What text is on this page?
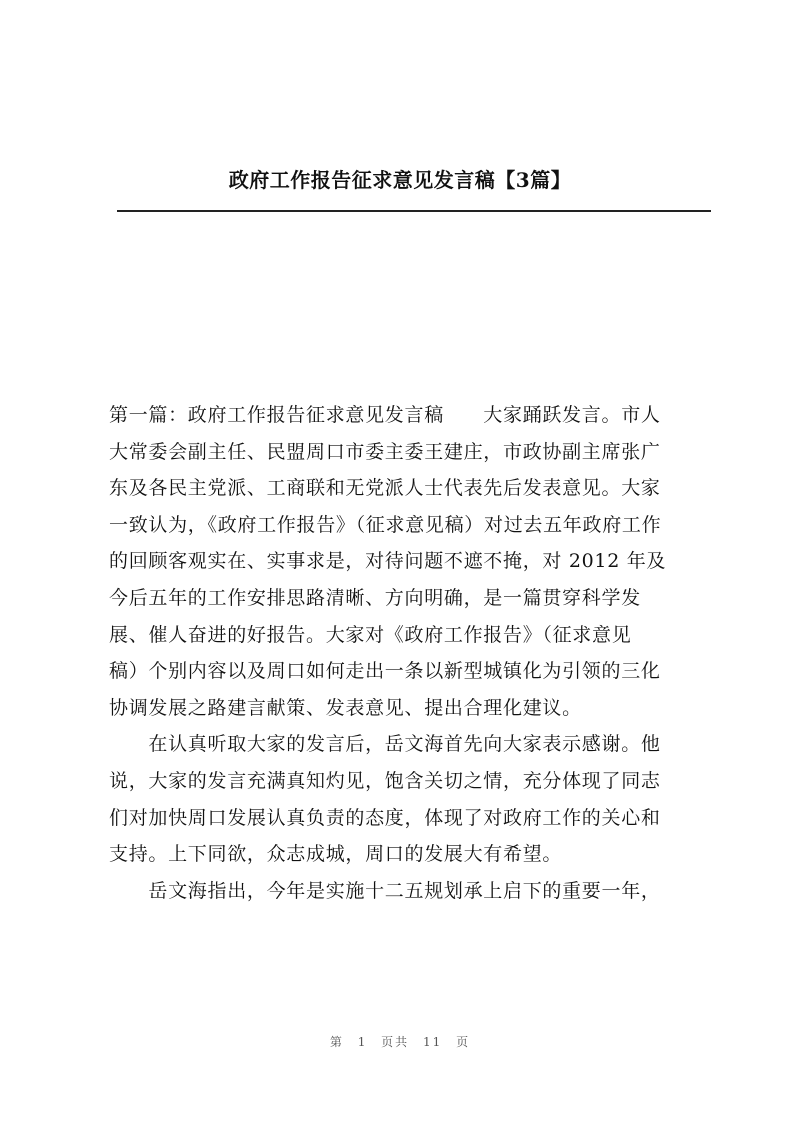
政府工作报告征求意见发言稿【3篇】
第一篇：政府工作报告征求意见发言稿　　大家踊跃发言。市人
大常委会副主任、民盟周口市委主委王建庄，市政协副主席张广
东及各民主党派、工商联和无党派人士代表先后发表意见。大家
一致认为，《政府工作报告》（征求意见稿）对过去五年政府工作
的回顾客观实在、实事求是，对待问题不遮不掩，对 2012 年及
今后五年的工作安排思路清晰、方向明确，是一篇贯穿科学发
展、催人奋进的好报告。大家对《政府工作报告》（征求意见
稿）个别内容以及周口如何走出一条以新型城镇化为引领的三化
协调发展之路建言献策、发表意见、提出合理化建议。
　　在认真听取大家的发言后，岳文海首先向大家表示感谢。他
说，大家的发言充满真知灼见，饱含关切之情，充分体现了同志
们对加快周口发展认真负责的态度，体现了对政府工作的关心和
支持。上下同欲，众志成城，周口的发展大有希望。
　　岳文海指出，今年是实施十二五规划承上启下的重要一年，
第 1 页共 11 页
